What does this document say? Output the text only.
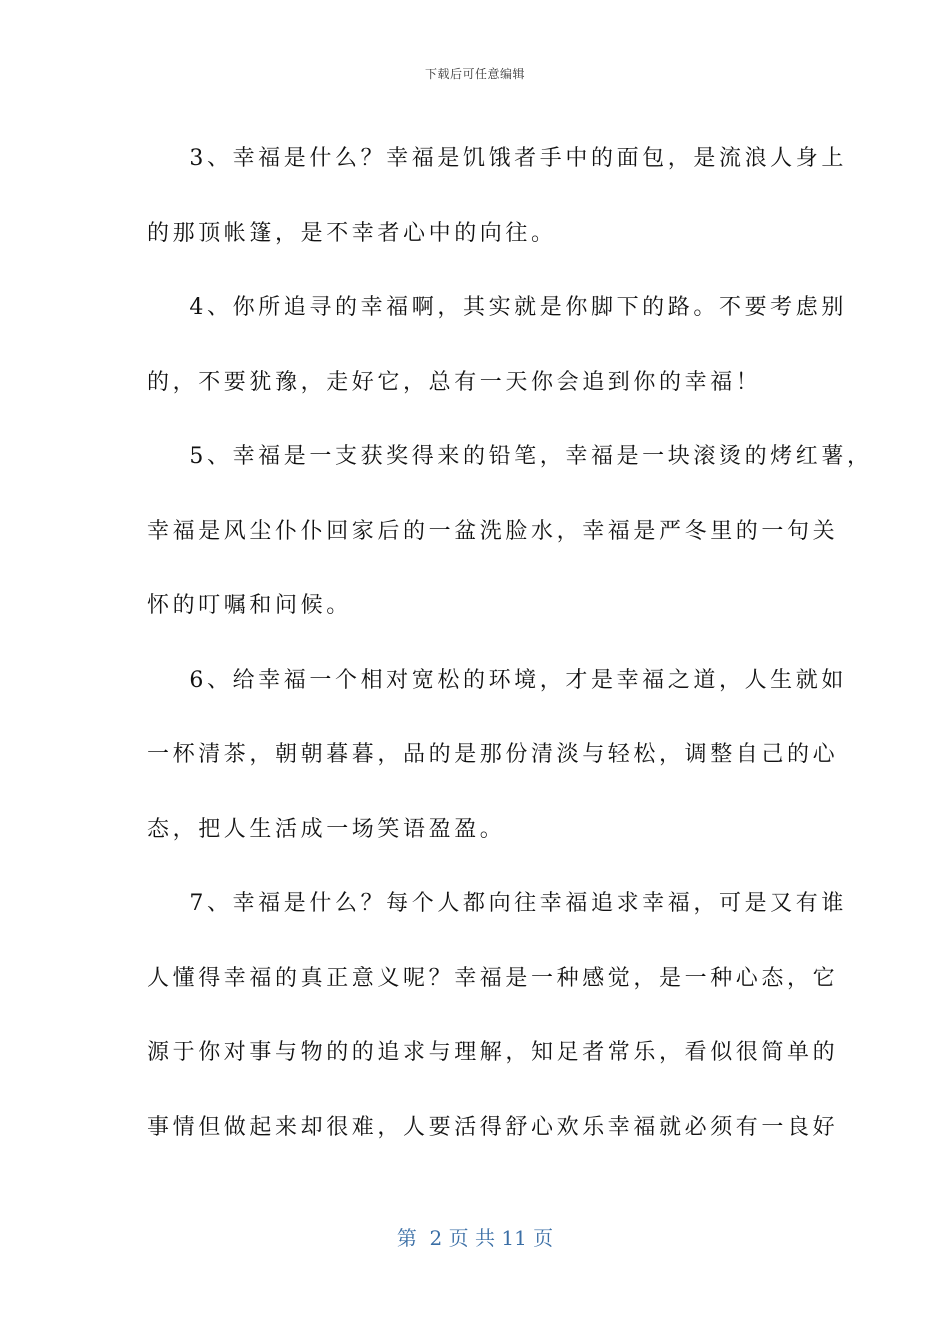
下载后可任意编辑

3、幸福是什么？幸福是饥饿者手中的面包，是流浪人身上

的那顶帐篷，是不幸者心中的向往。

4、你所追寻的幸福啊，其实就是你脚下的路。不要考虑别

的，不要犹豫，走好它，总有一天你会追到你的幸福！

5、幸福是一支获奖得来的铅笔，幸福是一块滚烫的烤红薯，

幸福是风尘仆仆回家后的一盆洗脸水，幸福是严冬里的一句关

怀的叮嘱和问候。

6、给幸福一个相对宽松的环境，才是幸福之道，人生就如

一杯清茶，朝朝暮暮，品的是那份清淡与轻松，调整自己的心

态，把人生活成一场笑语盈盈。

7、幸福是什么？每个人都向往幸福追求幸福，可是又有谁

人懂得幸福的真正意义呢？幸福是一种感觉，是一种心态，它

源于你对事与物的的追求与理解，知足者常乐，看似很简单的

事情但做起来却很难，人要活得舒心欢乐幸福就必须有一良好

第  2 页 共 11 页
